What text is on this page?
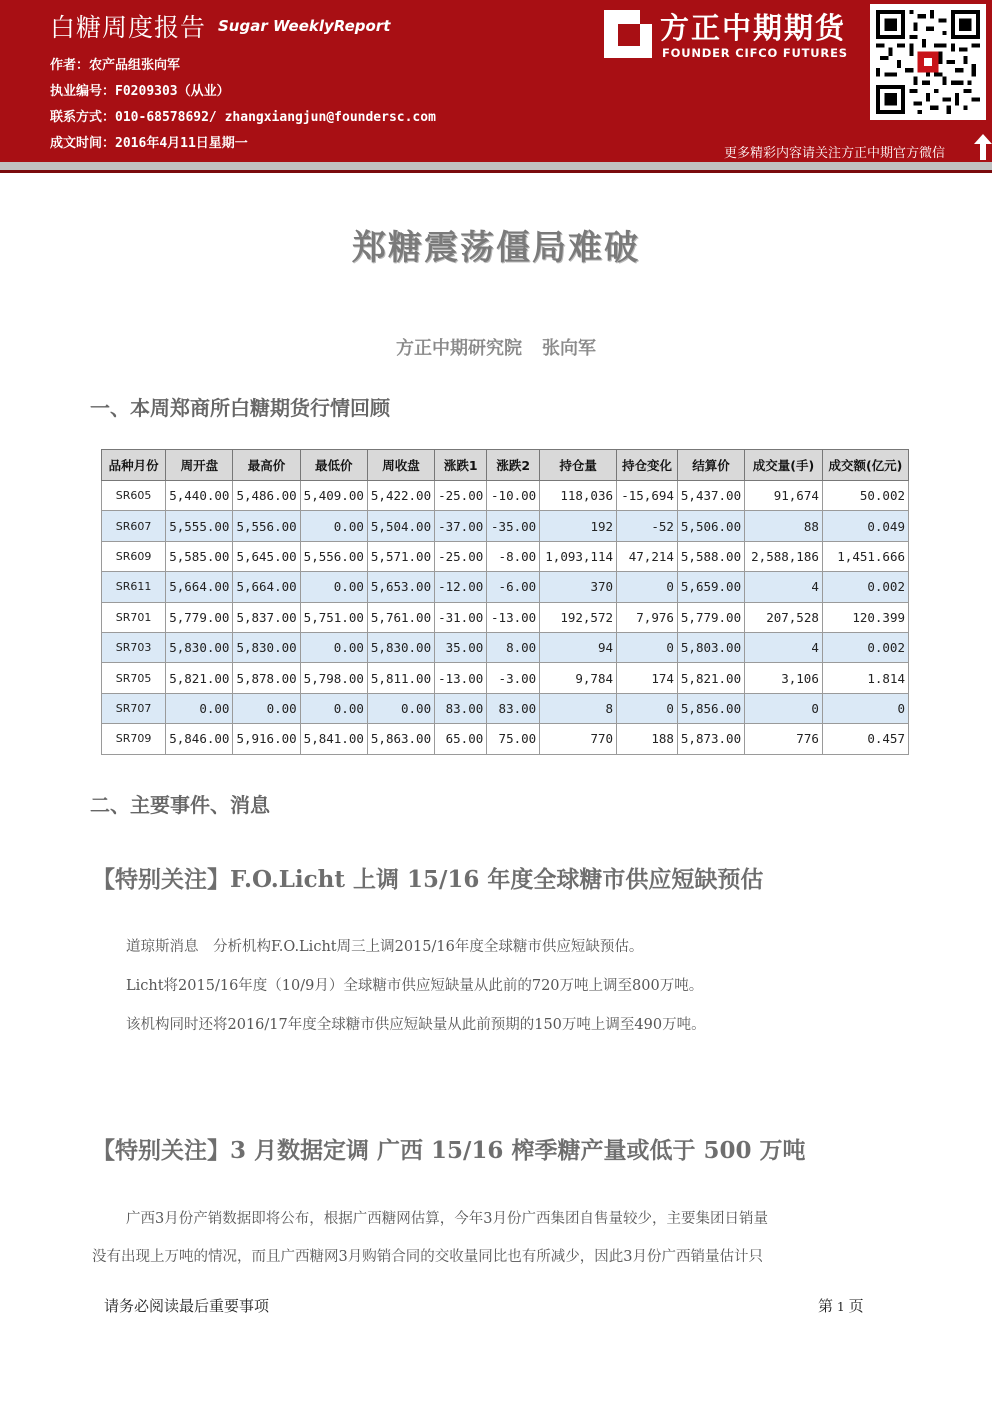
白糖周度报告 Sugar WeeklyReport
作者：农产品组张向军
执业编号：F0209303（从业）
联系方式：010-68578692/ zhangxiangjun@foundersc.com
成文时间：2016年4月11日星期一
方正中期期货
FOUNDER CIFCO FUTURES
更多精彩内容请关注方正中期官方微信
郑糖震荡僵局难破
方正中期研究院 张向军
一、本周郑商所白糖期货行情回顾
品种月份	周开盘	最高价	最低价	周收盘	涨跌1	涨跌2	持仓量	持仓变化	结算价	成交量(手)	成交额(亿元)
SR605	5,440.00	5,486.00	5,409.00	5,422.00	-25.00	-10.00	118,036	-15,694	5,437.00	91,674	50.002
SR607	5,555.00	5,556.00	0.00	5,504.00	-37.00	-35.00	192	-52	5,506.00	88	0.049
SR609	5,585.00	5,645.00	5,556.00	5,571.00	-25.00	-8.00	1,093,114	47,214	5,588.00	2,588,186	1,451.666
SR611	5,664.00	5,664.00	0.00	5,653.00	-12.00	-6.00	370	0	5,659.00	4	0.002
SR701	5,779.00	5,837.00	5,751.00	5,761.00	-31.00	-13.00	192,572	7,976	5,779.00	207,528	120.399
SR703	5,830.00	5,830.00	0.00	5,830.00	35.00	8.00	94	0	5,803.00	4	0.002
SR705	5,821.00	5,878.00	5,798.00	5,811.00	-13.00	-3.00	9,784	174	5,821.00	3,106	1.814
SR707	0.00	0.00	0.00	0.00	83.00	83.00	8	0	5,856.00	0	0
SR709	5,846.00	5,916.00	5,841.00	5,863.00	65.00	75.00	770	188	5,873.00	776	0.457
二、主要事件、消息
【特别关注】F.O.Licht 上调 15/16 年度全球糖市供应短缺预估
道琼斯消息　分析机构F.O.Licht周三上调2015/16年度全球糖市供应短缺预估。
Licht将2015/16年度（10/9月）全球糖市供应短缺量从此前的720万吨上调至800万吨。
该机构同时还将2016/17年度全球糖市供应短缺量从此前预期的150万吨上调至490万吨。
【特别关注】3 月数据定调 广西 15/16 榨季糖产量或低于 500 万吨
广西3月份产销数据即将公布，根据广西糖网估算，今年3月份广西集团自售量较少，主要集团日销量
没有出现上万吨的情况，而且广西糖网3月购销合同的交收量同比也有所减少，因此3月份广西销量估计只
请务必阅读最后重要事项	第 1 页
